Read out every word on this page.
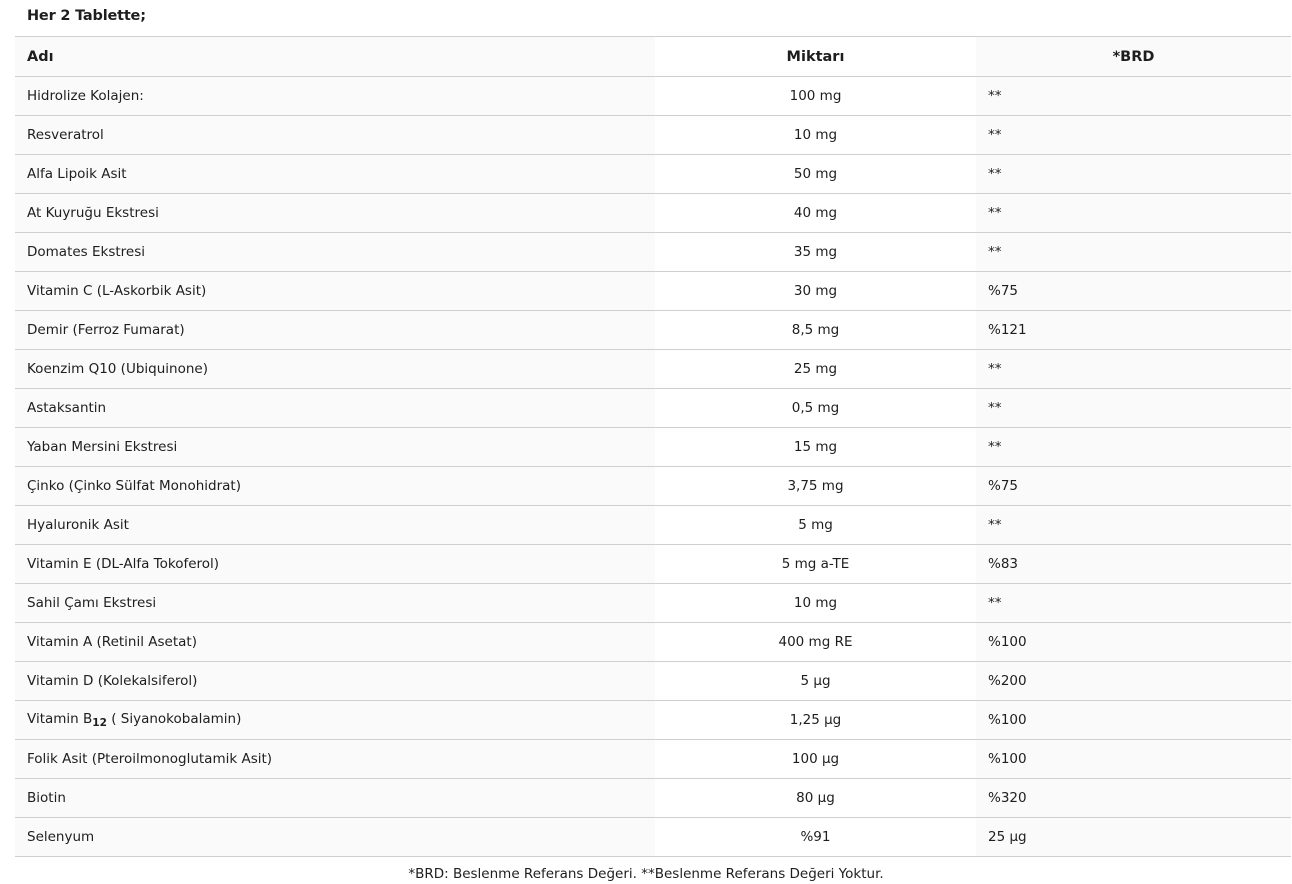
Her 2 Tablette;
Adı	Miktarı	*BRD
Hidrolize Kolajen:	100 mg	**
Resveratrol	10 mg	**
Alfa Lipoik Asit	50 mg	**
At Kuyruğu Ekstresi	40 mg	**
Domates Ekstresi	35 mg	**
Vitamin C (L-Askorbik Asit)	30 mg	%75
Demir (Ferroz Fumarat)	8,5 mg	%121
Koenzim Q10 (Ubiquinone)	25 mg	**
Astaksantin	0,5 mg	**
Yaban Mersini Ekstresi	15 mg	**
Çinko (Çinko Sülfat Monohidrat)	3,75 mg	%75
Hyaluronik Asit	5 mg	**
Vitamin E (DL-Alfa Tokoferol)	5 mg a-TE	%83
Sahil Çamı Ekstresi	10 mg	**
Vitamin A (Retinil Asetat)	400 mg RE	%100
Vitamin D (Kolekalsiferol)	5 µg	%200
Vitamin $B_{12}$ ( Siyanokobalamin)	1,25 µg	%100
Folik Asit (Pteroilmonoglutamik Asit)	100 µg	%100
Biotin	80 µg	%320
Selenyum	%91	25 µg
*BRD: Beslenme Referans Değeri. **Beslenme Referans Değeri Yoktur.
